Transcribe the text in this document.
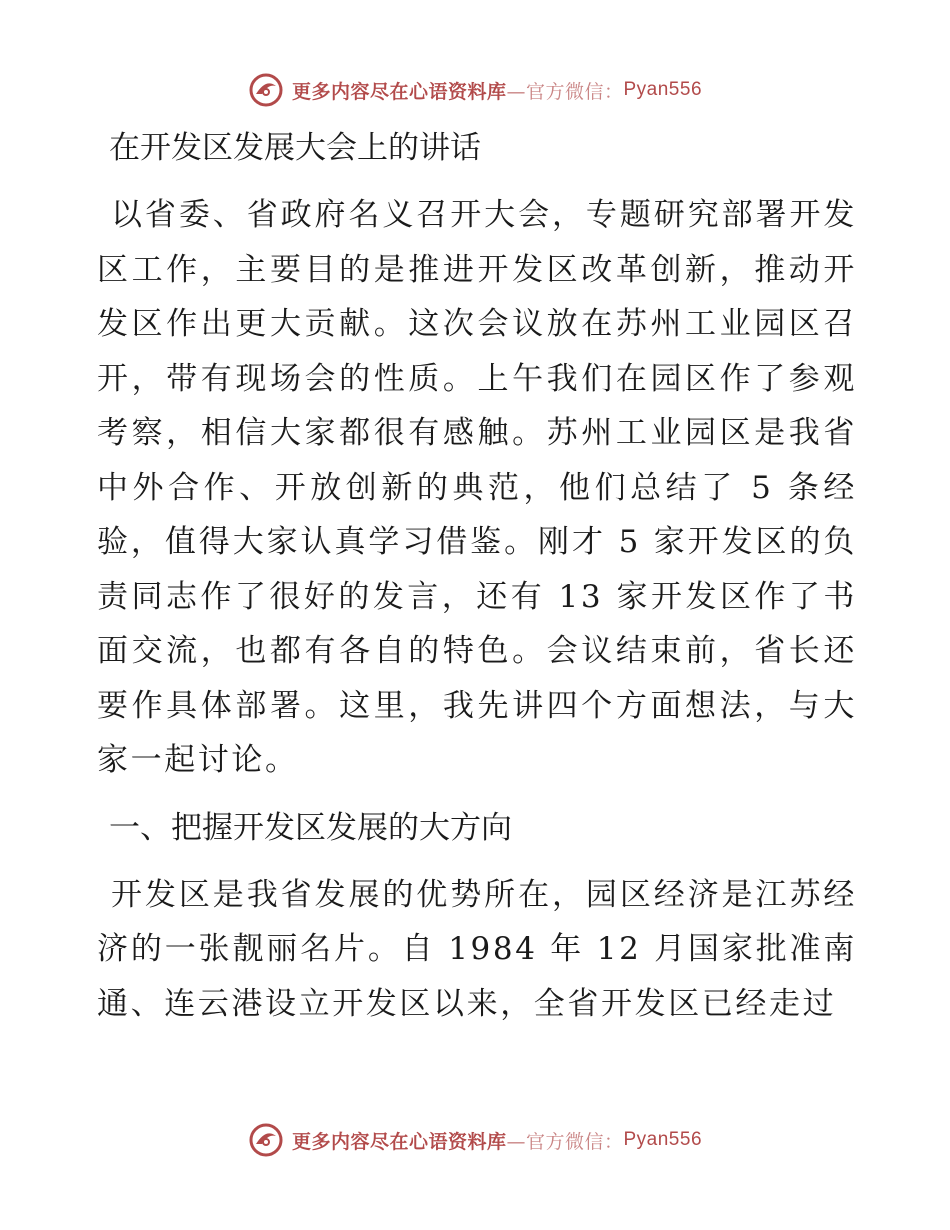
更多内容尽在心语资料库 —官方微信： Pyan556
在开发区发展大会上的讲话

以省委、省政府名义召开大会，专题研究部署开发区工作，主要目的是推进开发区改革创新，推动开发区作出更大贡献。这次会议放在苏州工业园区召开，带有现场会的性质。上午我们在园区作了参观考察，相信大家都很有感触。苏州工业园区是我省中外合作、开放创新的典范，他们总结了 5 条经验，值得大家认真学习借鉴。刚才 5 家开发区的负责同志作了很好的发言，还有 13 家开发区作了书面交流，也都有各自的特色。会议结束前，省长还要作具体部署。这里，我先讲四个方面想法，与大家一起讨论。

一、把握开发区发展的大方向

开发区是我省发展的优势所在，园区经济是江苏经济的一张靓丽名片。自 1984 年 12 月国家批准南通、连云港设立开发区以来，全省开发区已经走过

更多内容尽在心语资料库 —官方微信： Pyan556
